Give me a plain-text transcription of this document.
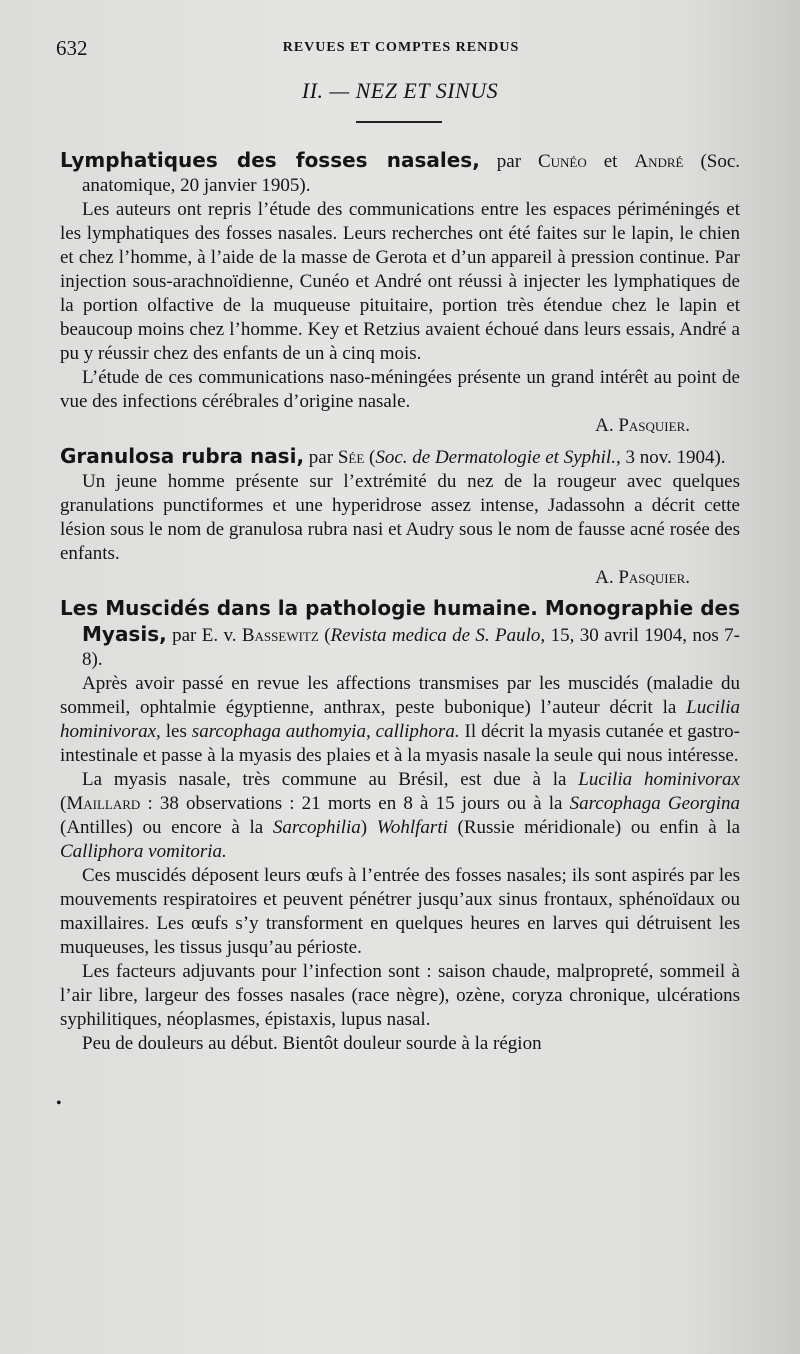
632	REVUES ET COMPTES RENDUS
II. — NEZ ET SINUS

Lymphatiques des fosses nasales, par Cunéo et André (Soc. anatomique, 20 janvier 1905).

Les auteurs ont repris l’étude des communications entre les espaces périméningés et les lymphatiques des fosses nasales. Leurs recherches ont été faites sur le lapin, le chien et chez l’homme, à l’aide de la masse de Gerota et d’un appareil à pression continue. Par injection sous-arachnoïdienne, Cunéo et André ont réussi à injecter les lymphatiques de la portion olfactive de la muqueuse pituitaire, portion très étendue chez le lapin et beaucoup moins chez l’homme. Key et Retzius avaient échoué dans leurs essais, André a pu y réussir chez des enfants de un à cinq mois.

L’étude de ces communications naso-méningées présente un grand intérêt au point de vue des infections cérébrales d’origine nasale.

A. Pasquier.

Granulosa rubra nasi, par Sée (Soc. de Dermatologie et Syphil., 3 nov. 1904).

Un jeune homme présente sur l’extrémité du nez de la rougeur avec quelques granulations punctiformes et une hyperidrose assez intense, Jadassohn a décrit cette lésion sous le nom de granulosa rubra nasi et Audry sous le nom de fausse acné rosée des enfants.

A. Pasquier.

Les Muscidés dans la pathologie humaine. Monographie des Myasis, par E. v. Bassewitz (Revista medica de S. Paulo, 15, 30 avril 1904, nos 7-8).

Après avoir passé en revue les affections transmises par les muscidés (maladie du sommeil, ophtalmie égyptienne, anthrax, peste bubonique) l’auteur décrit la Lucilia hominivorax, les sarcophaga authomyia, calliphora. Il décrit la myasis cutanée et gastro-intestinale et passe à la myasis des plaies et à la myasis nasale la seule qui nous intéresse.

La myasis nasale, très commune au Brésil, est due à la Lucilia hominivorax (Maillard : 38 observations : 21 morts en 8 à 15 jours ou à la Sarcophaga Georgina (Antilles) ou encore à la Sarcophilia) Wohlfarti (Russie méridionale) ou enfin à la Calliphora vomitoria.

Ces muscidés déposent leurs œufs à l’entrée des fosses nasales; ils sont aspirés par les mouvements respiratoires et peuvent pénétrer jusqu’aux sinus frontaux, sphénoïdaux ou maxillaires. Les œufs s’y transforment en quelques heures en larves qui détruisent les muqueuses, les tissus jusqu’au périoste.

Les facteurs adjuvants pour l’infection sont : saison chaude, malpropreté, sommeil à l’air libre, largeur des fosses nasales (race nègre), ozène, coryza chronique, ulcérations syphilitiques, néoplasmes, épistaxis, lupus nasal.

Peu de douleurs au début. Bientôt douleur sourde à la région

•
